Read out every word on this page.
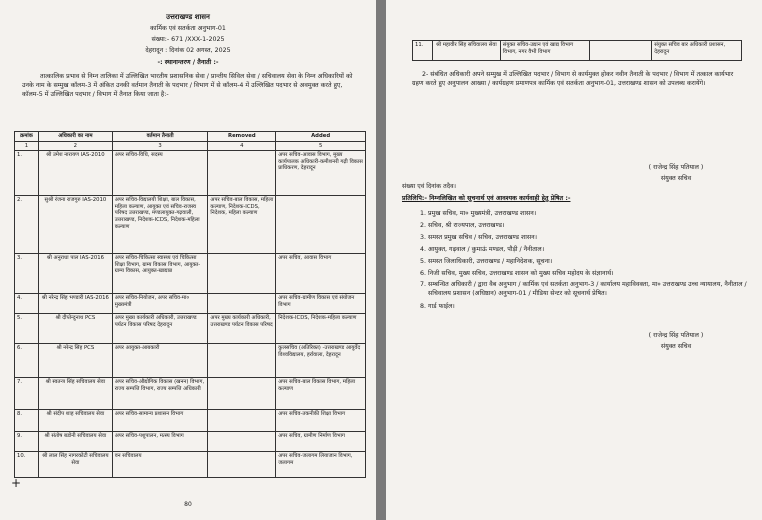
उत्तराखण्ड शासन
कार्मिक एवं सतर्कता अनुभाग-01
संख्या:- 671 /XXX-1-2025
देहरादून : दिनांक 02 अगस्त, 2025
-: स्थानान्तरण / तैनाती :-
तात्कालिक प्रभाव से निम्न तालिका में उल्लिखित भारतीय प्रशासनिक सेवा / प्रान्तीय सिविल सेवा / सचिवालय सेवा के निम्न अधिकारियों को उनके नाम के सम्मुख कॉलम-3 में अंकित उनकी वर्तमान तैनाती के पदभार / विभाग में से कॉलम-4 में उल्लिखित पदभार से अवमुक्त करते हुए, कॉलम-5 में उल्लिखित पदभार / विभाग में तैनात किया जाता है:-
क्रमांक	अधिकारी का नाम	वर्तमान तैनाती	Removed	Added
1	2	3	4	5
1.	श्री उमेश नारायण IAS-2010	अपर सचिव-विधि, सदस्य		अपर सचिव-आवास विभाग, मुख्य कार्यपालक अधिकारी-कमीशनरी गढ़ी विकास प्राधिकरण, देहरादून
2.	सुश्री रंजना राजगुरु IAS-2010	अपर सचिव-विद्यालयी शिक्षा, बाल विकास, महिला कल्याण, आयुक्त एवं सचिव-राजस्व परिषद उत्तराखण्ड, मण्डलायुक्त-गढ़वाली, उत्तराखण्ड, निदेशक-ICDS, निदेशक-महिला कल्याण	अपर सचिव-बाल विकास, महिला कल्याण, निदेशक-ICDS, निदेशक, महिला कल्याण	
3.	श्री अनुराधा पाल IAS-2016	अपर सचिव-चिकित्सा स्वास्थ्य एवं चिकित्सा शिक्षा विभाग, ग्राम्य विकास विभाग, आयुक्त-ग्राम्य विकास, आयुक्त-खाद्यान्न		अपर सचिव, आवास विभाग
4.	श्री नरेन्द्र सिंह भण्डारी IAS-2016	अपर सचिव-नियोजन, अपर सचिव-मा० मुख्यमंत्री		अपर सचिव-ग्रामीण विकास एवं संयोजन विभाग
5.	श्री दीप्तेन्दुनाथ PCS	अपर मुख्य कार्यकारी अधिकारी, उत्तराखण्ड पर्यटन विकास परिषद देहरादून	अपर मुख्य कार्यकारी अधिकारी, उत्तराखण्ड पर्यटन विकास परिषद	निदेशक-ICDS, निदेशक-महिला कल्याण
6.	श्री नरेन्द्र सिंह PCS	अपर आयुक्त-आबकारी		कुलसचिव (अतिरिक्त) -उत्तराखण्ड आयुर्वेद विश्वविद्यालय, हर्रावाला, देहरादून
7.	श्री स्वतन्त्र सिंह सचिवालय सेवा	अपर सचिव-औद्योगिक विकास (खनन) विभाग, राज्य सम्पत्ति विभाग, राज्य सम्पत्ति अधिकारी		अपर सचिव-बाल विकास विभाग, महिला कल्याण
8.	श्री संदीप शाह सचिवालय सेवा	अपर सचिव-सामान्य प्रशासन विभाग		अपर सचिव-तकनीकी शिक्षा विभाग
9.	श्री संतोष बडोनी सचिवालय सेवा	अपर सचिव-पशुपालन, मत्स्य विभाग		अपर सचिव, ग्रामीण निर्माण विभाग
10.	श्री लाल सिंह नागरकोटी सचिवालय सेवा	वन सचिवालय		अपर सचिव-जलागम लियाजान विभाग, जलागम
+
80
11.	श्री महावीर सिंह सचिवालय सेवा	संयुक्त सचिव-उद्यान एवं खाद्य विभाग विभाग, नगर वैभी विभाग		संयुक्त सचिव बार अधिकारी प्रशासन, देहरादून
2- संबंधित अधिकारी अपने सम्मुख में उल्लिखित पदभार / विभाग से कार्यमुक्त होकर नवीन तैनाती के पदभार / विभाग में तत्काल कार्यभार ग्रहण करते हुए अनुपालन आख्या / कार्यग्रहण प्रमाणपत्र कार्मिक एवं सतर्कता अनुभाग-01, उत्तराखण्ड शासन को उपलब्ध करायेंगे।
( राजेन्द्र सिंह पतियाल )
संयुक्त सचिव
संख्या एवं दिनांक तदैव।
प्रतिलिपि:- निम्नलिखित को सूचनार्थ एवं आवश्यक कार्यवाही हेतु प्रेषित :-
1. प्रमुख सचिव, मा० मुख्यमंत्री, उत्तराखण्ड शासन।
2. सचिव, श्री राज्यपाल, उत्तराखण्ड।
3. समस्त प्रमुख सचिव / सचिव, उत्तराखण्ड शासन।
4. आयुक्त, गढ़वाल / कुमाऊं मण्डल, पौड़ी / नैनीताल।
5. समस्त जिलाधिकारी, उत्तराखण्ड / महानिदेशक, सूचना।
6. निजी सचिव, मुख्य सचिव, उत्तराखण्ड शासन को मुख्य सचिव महोदय के संज्ञानार्थ।
7. सम्बन्धित अधिकारी / द्वारा वैब अनुभाग / कार्मिक एवं सतर्कता अनुभाग-3 / कार्यालय महाविवक्ता, मा० उत्तराखण्ड उच्च न्यायालय, नैनीताल / सचिवालय प्रशासन (अधिष्ठान) अनुभाग-01 / मीडिया सेन्टर को सूचनार्थ प्रेषित।
8. गार्ड फाईल।
( राजेन्द्र सिंह पतियाल )
संयुक्त सचिव
